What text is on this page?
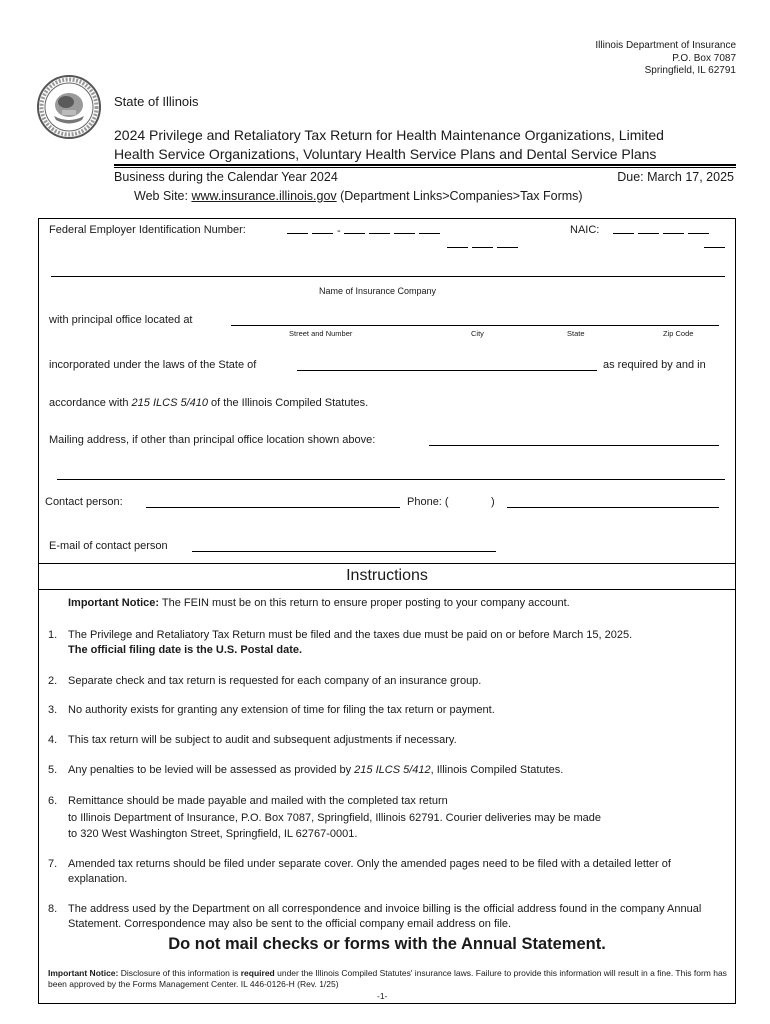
Illinois Department of Insurance
P.O. Box 7087
Springfield, IL 62791
State of Illinois
2024 Privilege and Retaliatory Tax Return for Health Maintenance Organizations, Limited
Health Service Organizations, Voluntary Health Service Plans and Dental Service Plans
Business during the Calendar Year 2024	Due: March 17, 2025
Web Site: www.insurance.illinois.gov (Department Links>Companies>Tax Forms)
Federal Employer Identification Number:	-	NAIC:
Name of Insurance Company
with principal office located at
Street and Number	City	State	Zip Code
incorporated under the laws of the State of	as required by and in
accordance with 215 ILCS 5/410 of the Illinois Compiled Statutes.
Mailing address, if other than principal office location shown above:
Contact person:	Phone: (	)
E-mail of contact person
Instructions
Important Notice: The FEIN must be on this return to ensure proper posting to your company account.
1. The Privilege and Retaliatory Tax Return must be filed and the taxes due must be paid on or before March 15, 2025.
The official filing date is the U.S. Postal date.
2. Separate check and tax return is requested for each company of an insurance group.
3. No authority exists for granting any extension of time for filing the tax return or payment.
4. This tax return will be subject to audit and subsequent adjustments if necessary.
5. Any penalties to be levied will be assessed as provided by 215 ILCS 5/412, Illinois Compiled Statutes.
6. Remittance should be made payable and mailed with the completed tax return
to Illinois Department of Insurance, P.O. Box 7087, Springfield, Illinois 62791. Courier deliveries may be made
to 320 West Washington Street, Springfield, IL 62767-0001.
7. Amended tax returns should be filed under separate cover. Only the amended pages need to be filed with a detailed letter of explanation.
8. The address used by the Department on all correspondence and invoice billing is the official address found in the company Annual Statement. Correspondence may also be sent to the official company email address on file.
Do not mail checks or forms with the Annual Statement.
Important Notice: Disclosure of this information is required under the Illinois Compiled Statutes' insurance laws. Failure to provide this information will result in a fine. This form has been approved by the Forms Management Center. IL 446-0126-H (Rev. 1/25)
-1-
